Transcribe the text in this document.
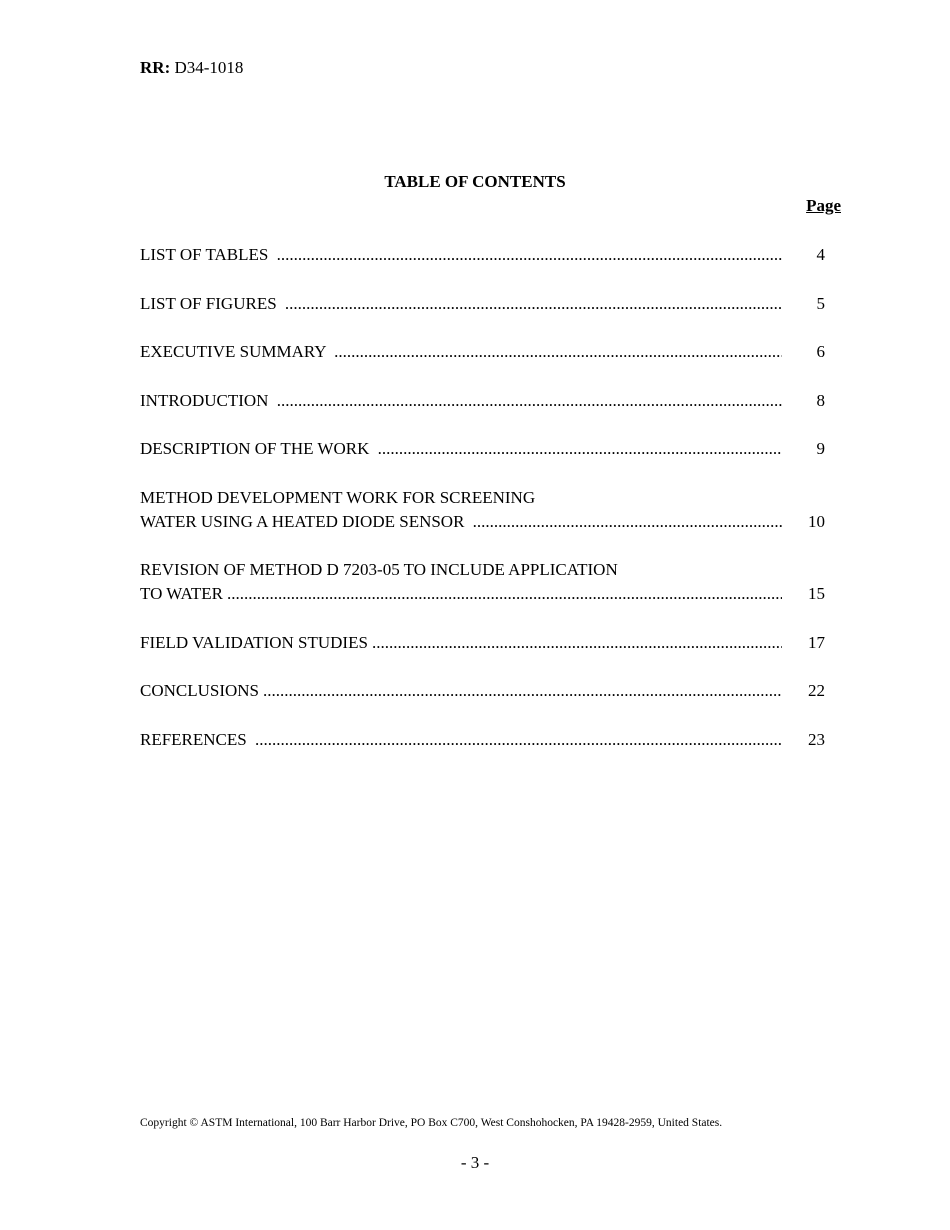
RR: D34-1018
TABLE OF CONTENTS
Page
LIST OF TABLES .....	4
LIST OF FIGURES .....	5
EXECUTIVE SUMMARY .....	6
INTRODUCTION .....	8
DESCRIPTION OF THE WORK .....	9
METHOD DEVELOPMENT WORK FOR SCREENING
WATER USING A HEATED DIODE SENSOR .....	10
REVISION OF METHOD D 7203-05 TO INCLUDE APPLICATION
TO WATER .....	15
FIELD VALIDATION STUDIES .....	17
CONCLUSIONS .....	22
REFERENCES .....	23
Copyright © ASTM International, 100 Barr Harbor Drive, PO Box C700, West Conshohocken, PA 19428-2959, United States.
- 3 -
